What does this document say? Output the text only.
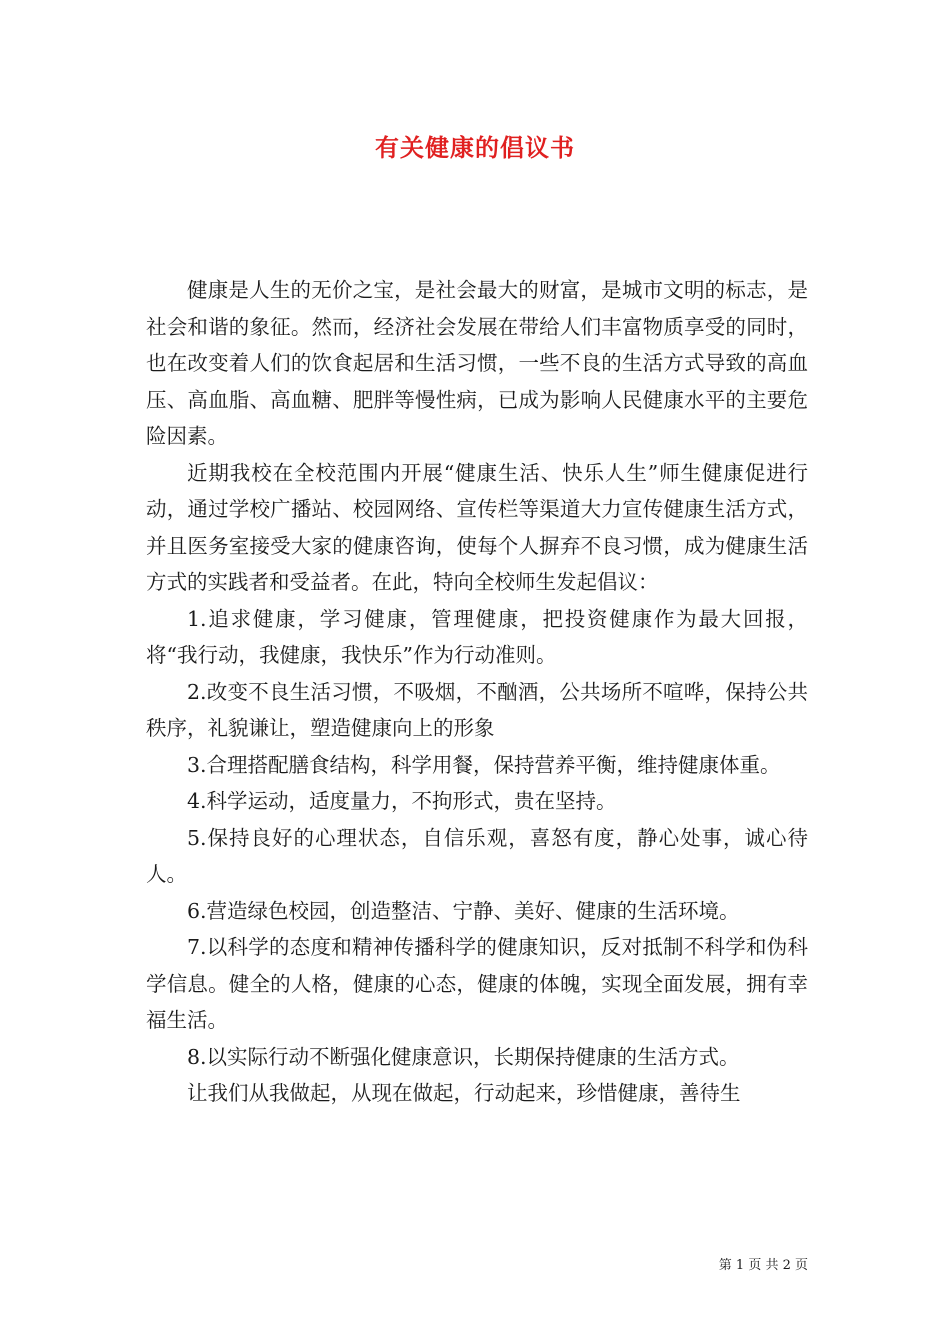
有关健康的倡议书

健康是人生的无价之宝，是社会最大的财富，是城市文明的标志，是社会和谐的象征。然而，经济社会发展在带给人们丰富物质享受的同时，也在改变着人们的饮食起居和生活习惯，一些不良的生活方式导致的高血压、高血脂、高血糖、肥胖等慢性病，已成为影响人民健康水平的主要危险因素。

近期我校在全校范围内开展“健康生活、快乐人生”师生健康促进行动，通过学校广播站、校园网络、宣传栏等渠道大力宣传健康生活方式，并且医务室接受大家的健康咨询，使每个人摒弃不良习惯，成为健康生活方式的实践者和受益者。在此，特向全校师生发起倡议：

1.追求健康，学习健康，管理健康，把投资健康作为最大回报，将“我行动，我健康，我快乐”作为行动准则。

2.改变不良生活习惯，不吸烟，不酗酒，公共场所不喧哗，保持公共秩序，礼貌谦让，塑造健康向上的形象

3.合理搭配膳食结构，科学用餐，保持营养平衡，维持健康体重。

4.科学运动，适度量力，不拘形式，贵在坚持。

5.保持良好的心理状态，自信乐观，喜怒有度，静心处事，诚心待人。

6.营造绿色校园，创造整洁、宁静、美好、健康的生活环境。

7.以科学的态度和精神传播科学的健康知识，反对抵制不科学和伪科学信息。健全的人格，健康的心态，健康的体魄，实现全面发展，拥有幸福生活。

8.以实际行动不断强化健康意识，长期保持健康的生活方式。

让我们从我做起，从现在做起，行动起来，珍惜健康，善待生

第 1 页 共 2 页
